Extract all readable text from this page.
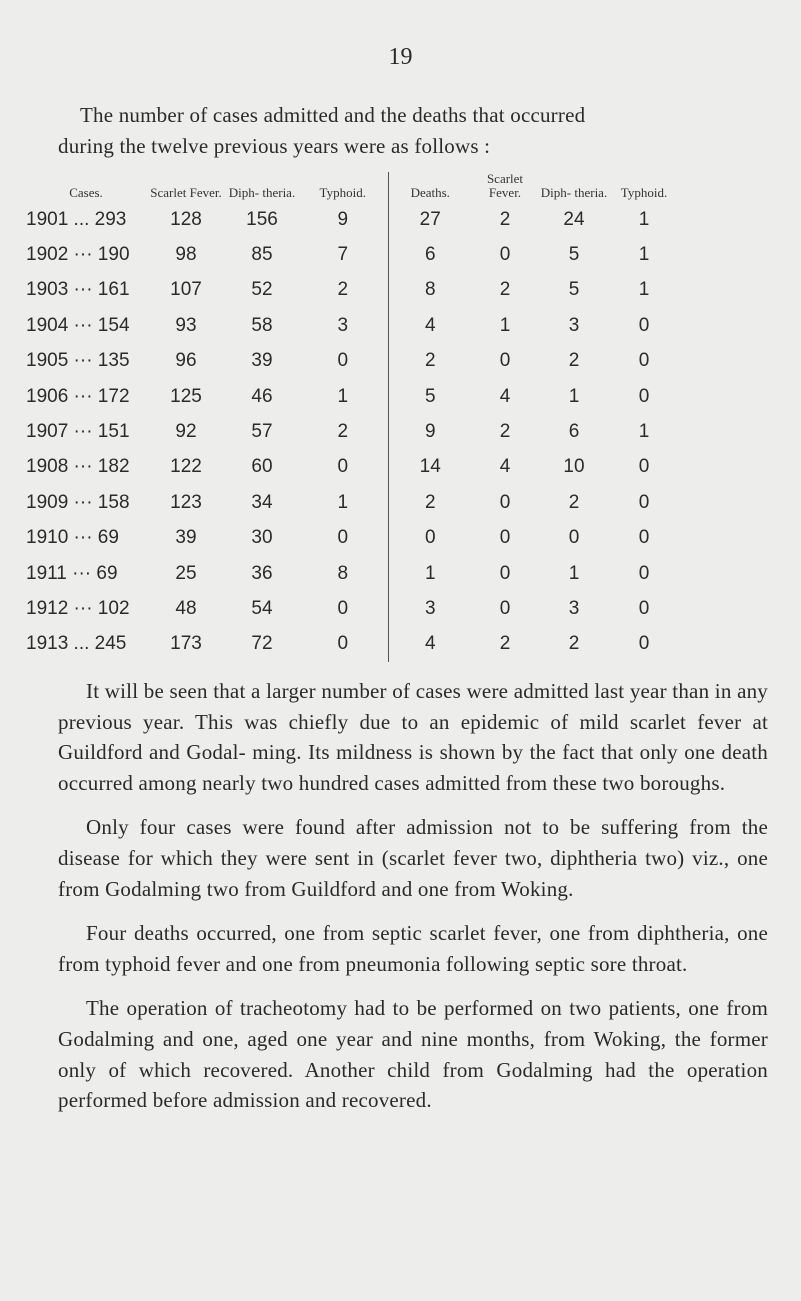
19

The number of cases admitted and the deaths that occurred

during the twelve previous years were as follows :

Cases.	Scarlet Fever.	Diph- theria.	Typhoid.	Deaths.	Scarlet Fever.	Diph- theria.	Typhoid.
1901 ... 293	128	156	9	27	2	24	1
1902 ··· 190	98	85	7	6	0	5	1
1903 ··· 161	107	52	2	8	2	5	1
1904 ··· 154	93	58	3	4	1	3	0
1905 ··· 135	96	39	0	2	0	2	0
1906 ··· 172	125	46	1	5	4	1	0
1907 ··· 151	92	57	2	9	2	6	1
1908 ··· 182	122	60	0	14	4	10	0
1909 ··· 158	123	34	1	2	0	2	0
1910 ··· 69	39	30	0	0	0	0	0
1911 ··· 69	25	36	8	1	0	1	0
1912 ··· 102	48	54	0	3	0	3	0
1913 ... 245	173	72	0	4	2	2	0

It will be seen that a larger number of cases were admitted last year than in any previous year. This was chiefly due to an epidemic of mild scarlet fever at Guildford and Godal- ming. Its mildness is shown by the fact that only one death occurred among nearly two hundred cases admitted from these two boroughs.

Only four cases were found after admission not to be suffering from the disease for which they were sent in (scarlet fever two, diphtheria two) viz., one from Godalming two from Guildford and one from Woking.

Four deaths occurred, one from septic scarlet fever, one from diphtheria, one from typhoid fever and one from pneumonia following septic sore throat.

The operation of tracheotomy had to be performed on two patients, one from Godalming and one, aged one year and nine months, from Woking, the former only of which recovered. Another child from Godalming had the operation performed before admission and recovered.
